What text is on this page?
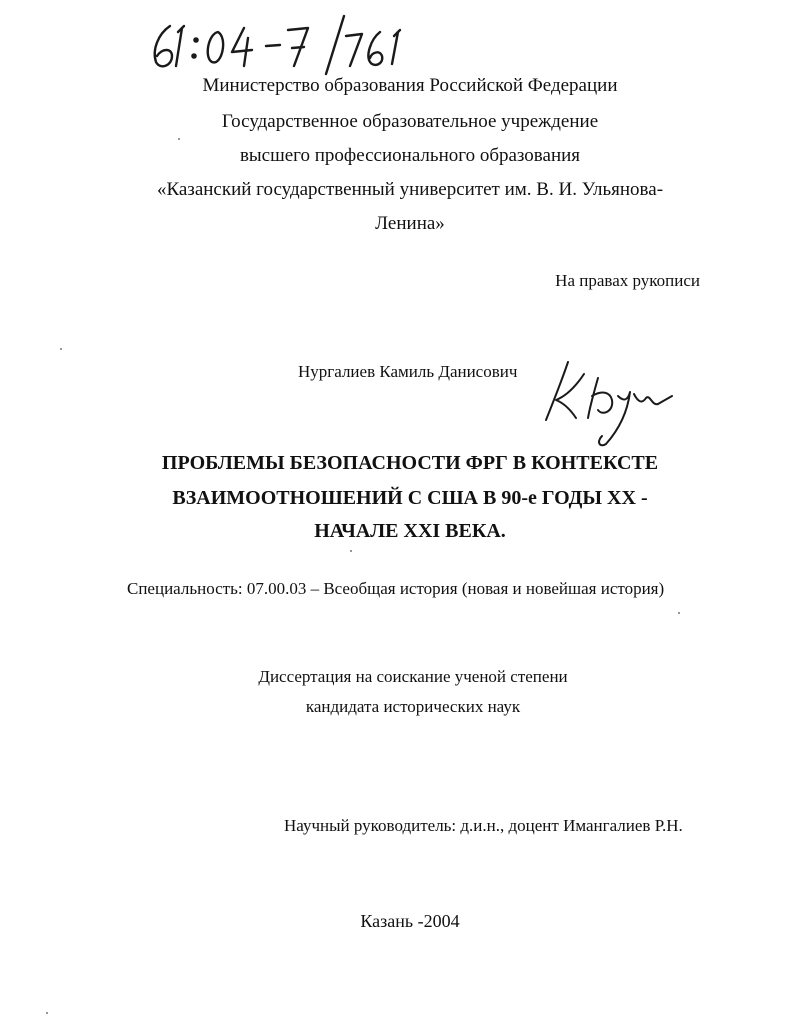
Министерство образования Российской Федерации
Государственное образовательное учреждение
высшего профессионального образования
«Казанский государственный университет им. В. И. Ульянова-
Ленина»
На правах рукописи
Нургалиев Камиль Данисович
ПРОБЛЕМЫ БЕЗОПАСНОСТИ ФРГ В КОНТЕКСТЕ
ВЗАИМООТНОШЕНИЙ С США В 90-е ГОДЫ XX -
НАЧАЛЕ XXI ВЕКА.
Специальность: 07.00.03 – Всеобщая история (новая и новейшая история)
Диссертация на соискание ученой степени
кандидата исторических наук
Научный руководитель: д.и.н., доцент Имангалиев Р.Н.
Казань -2004
